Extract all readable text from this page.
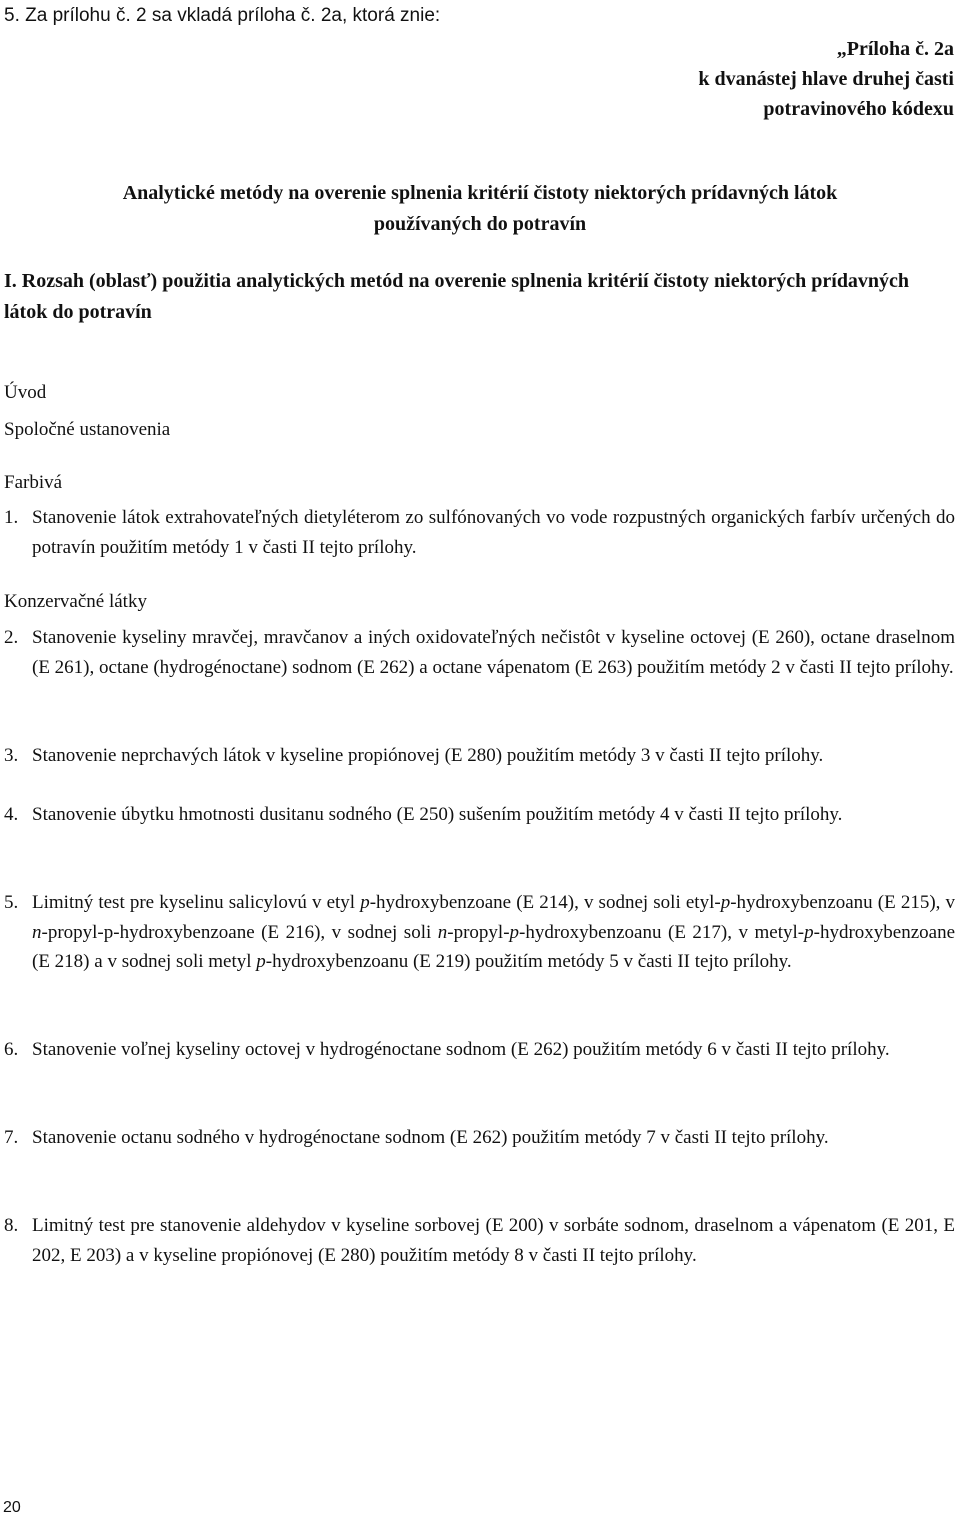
5. Za prílohu č. 2 sa vkladá príloha č. 2a, ktorá znie:
„Príloha č. 2a
k dvanástej hlave druhej časti
potravinového kódexu
Analytické metódy na overenie splnenia kritérií čistoty niektorých prídavných látok
používaných do potravín
I. Rozsah (oblasť) použitia analytických metód na overenie splnenia kritérií čistoty niektorých prídavných látok do potravín
Úvod
Spoločné ustanovenia
Farbivá
1. Stanovenie látok extrahovateľných dietyléterom zo sulfónovaných vo vode rozpustných organických farbív určených do potravín použitím metódy 1 v časti II tejto prílohy.
Konzervačné látky
2. Stanovenie kyseliny mravčej, mravčanov a iných oxidovateľných nečistôt v kyseline octovej (E 260), octane draselnom (E 261), octane (hydrogénoctane) sodnom (E 262) a octane vápenatom (E 263) použitím metódy 2 v časti II tejto prílohy.
3. Stanovenie neprchavých látok v kyseline propiónovej (E 280) použitím metódy 3 v časti II tejto prílohy.
4. Stanovenie úbytku hmotnosti dusitanu sodného (E 250) sušením použitím metódy 4 v časti II tejto prílohy.
5. Limitný test pre kyselinu salicylovú v etyl p-hydroxybenzoane (E 214), v sodnej soli etyl-p-hydroxybenzoanu (E 215), v n-propyl-p-hydroxybenzoane (E 216), v sodnej soli n-propyl-p-hydroxybenzoanu (E 217), v metyl-p-hydroxybenzoane (E 218) a v sodnej soli metyl p-hydroxybenzoanu (E 219) použitím metódy 5 v časti II tejto prílohy.
6. Stanovenie voľnej kyseliny octovej v hydrogénoctane sodnom (E 262) použitím metódy 6 v časti II tejto prílohy.
7. Stanovenie octanu sodného v hydrogénoctane sodnom (E 262) použitím metódy 7 v časti II tejto prílohy.
8. Limitný test pre stanovenie aldehydov v kyseline sorbovej (E 200) v sorbáte sodnom, draselnom a vápenatom (E 201, E 202, E 203) a v kyseline propiónovej (E 280) použitím metódy 8 v časti II tejto prílohy.
20
